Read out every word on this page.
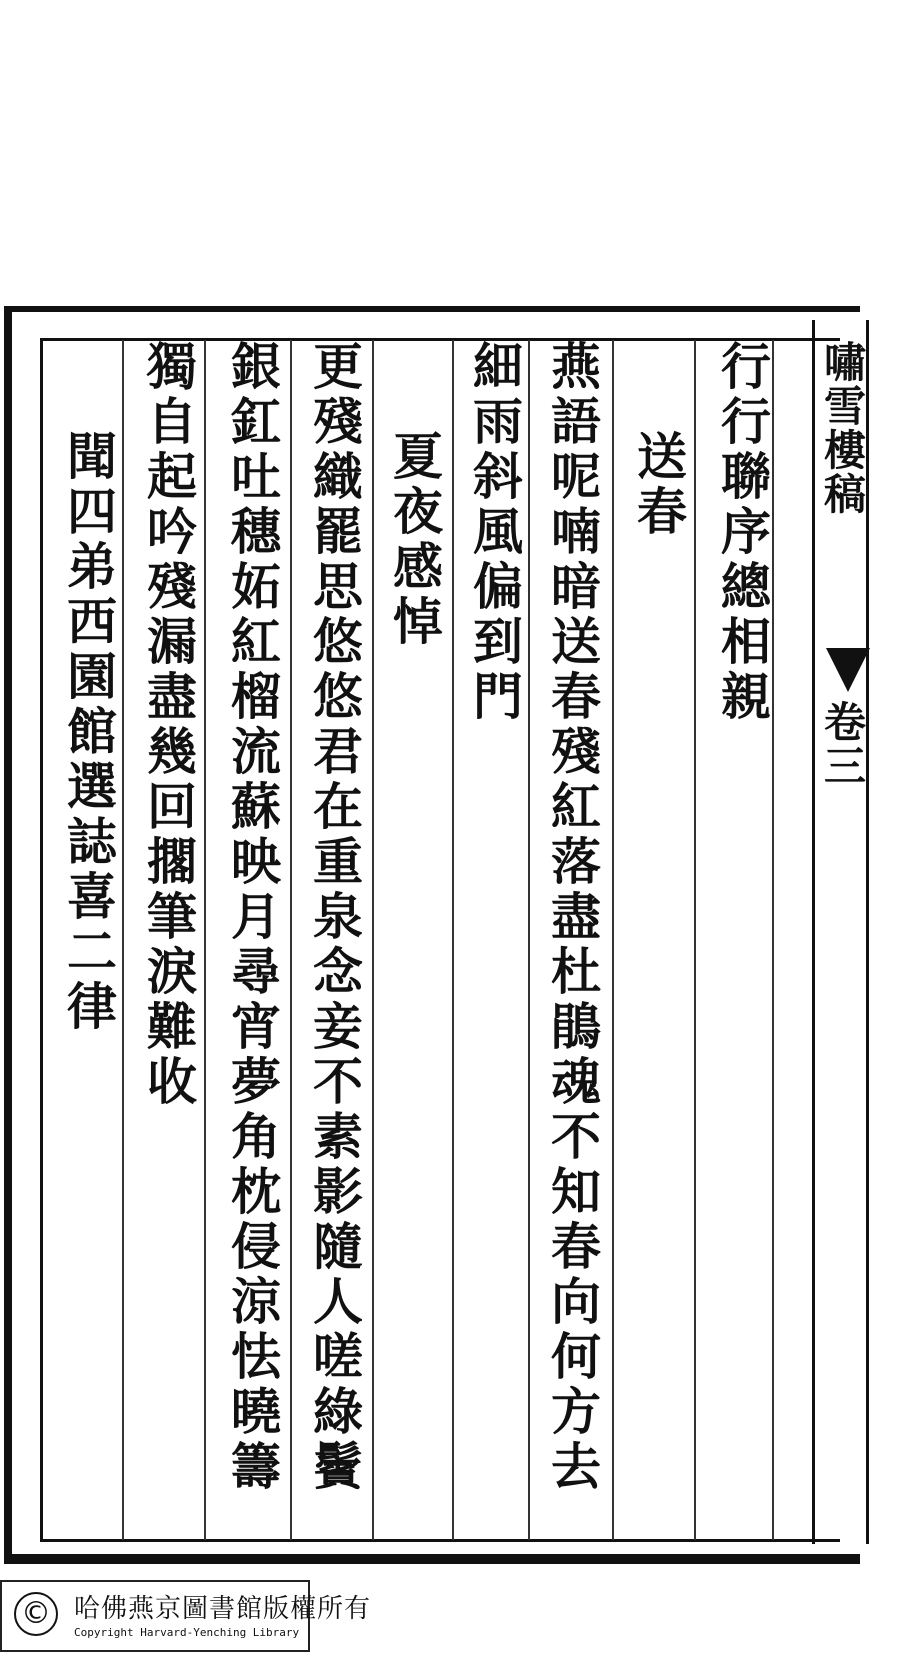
嘯雪樓稿
卷三
行行聯序總相親
送春
燕語呢喃暗送春殘紅落盡杜鵑魂不知春向何方去
細雨斜風偏到門
夏夜感悼
更殘織罷思悠悠君在重泉念妾不素影隨人嗟綠鬢
銀釭吐穗妬紅榴流蘇映月尋宵夢角枕侵涼怯曉籌
獨自起吟殘漏盡幾回擱筆淚難收
聞四弟西園館選誌喜二律
© 哈佛燕京圖書館版權所有
Copyright Harvard-Yenching Library
